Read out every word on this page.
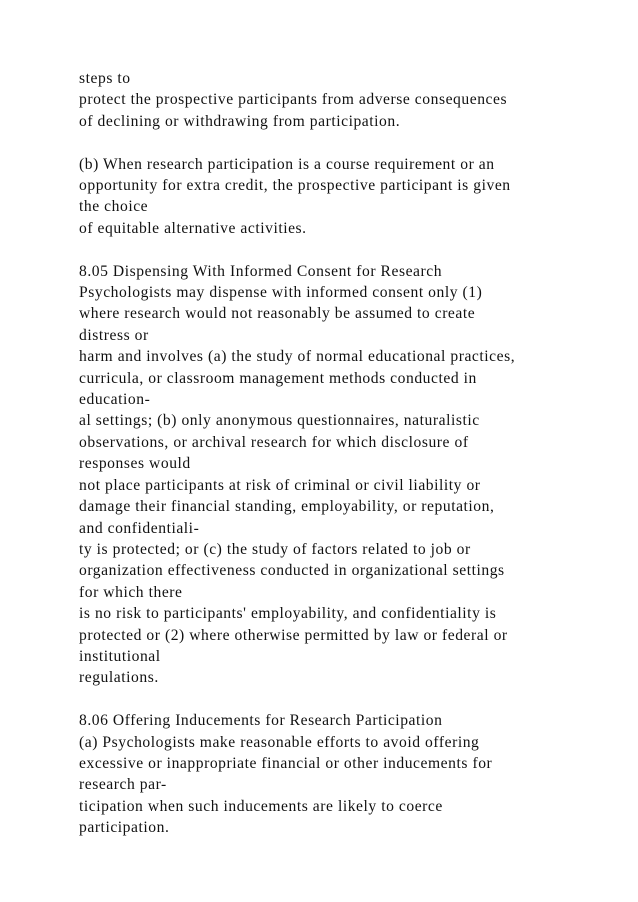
steps to
protect the prospective participants from adverse consequences
of declining or withdrawing from participation.
(b) When research participation is a course requirement or an
opportunity for extra credit, the prospective participant is given
the choice
of equitable alternative activities.
8.05 Dispensing With Informed Consent for Research
Psychologists may dispense with informed consent only (1)
where research would not reasonably be assumed to create
distress or
harm and involves (a) the study of normal educational practices,
curricula, or classroom management methods conducted in
education-
al settings; (b) only anonymous questionnaires, naturalistic
observations, or archival research for which disclosure of
responses would
not place participants at risk of criminal or civil liability or
damage their financial standing, employability, or reputation,
and confidentiali-
ty is protected; or (c) the study of factors related to job or
organization effectiveness conducted in organizational settings
for which there
is no risk to participants' employability, and confidentiality is
protected or (2) where otherwise permitted by law or federal or
institutional
regulations.
8.06 Offering Inducements for Research Participation
(a) Psychologists make reasonable efforts to avoid offering
excessive or inappropriate financial or other inducements for
research par-
ticipation when such inducements are likely to coerce
participation.
